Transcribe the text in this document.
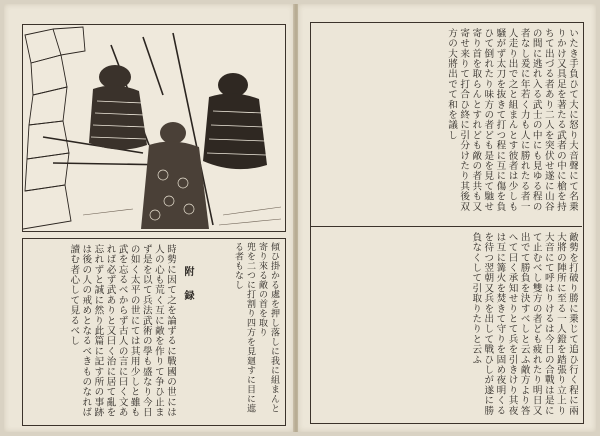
傾ひ掛かる處を押し落しに我に組まんと寄り來る敵の首を取り
兜を二つに打割り四方を見廻すに目に遮る者もなし
　附　録
時勢に因て之を論ずるに戰國の世には人の心も荒く互に敵を作りて争ひ止まず是を以て兵法武術の學も盛なり今日の如く太平の世にては其用少しと雖も武を忘るべからず古人の言に曰く文あれば必ず武ありと又曰く治に居て亂を忘れずと誠に然り此篇に記す所の事跡は後の人の戒めとなるべきものなれば讀む者心して見るべし
いたき手負ひて大に怒り大音聲にて名乗りかけ又具足を著たる武者の中に槍を持ちて出づる者あり二人を突伏せ遂に山谷の間に逃れ入る武士の中にも見ゆる程の者なし爰に年若く力も人に勝れたる者一人走り出で之と組まんとす彼者は少しも騒がず太刀を抜きて打つ程に互に傷を負ひて倒れたり味方の者ども是を見て馳せ寄り首を取らんとすれども敵の者共も又寄せ来りて打合ひ終に引分けたり其後双方の大將出でて和を議し
敵勢を打破り勝に乗じて追ひ行く程に兩大將の陣所に至る一人鐙を踏張り立上り大音にて呼はりけるは今日の合戰は是にて止むべし雙方の者ども疲れたり明日又出でて勝負を決すべしと云ふ敵方より答へて曰く承知せりとて兵を引きけり其夜は互に篝火を焚きて守りを固め夜明くるを待つ翌朝又兵を出して戰ひしが遂に勝負なくして引取りたりと云ふ
